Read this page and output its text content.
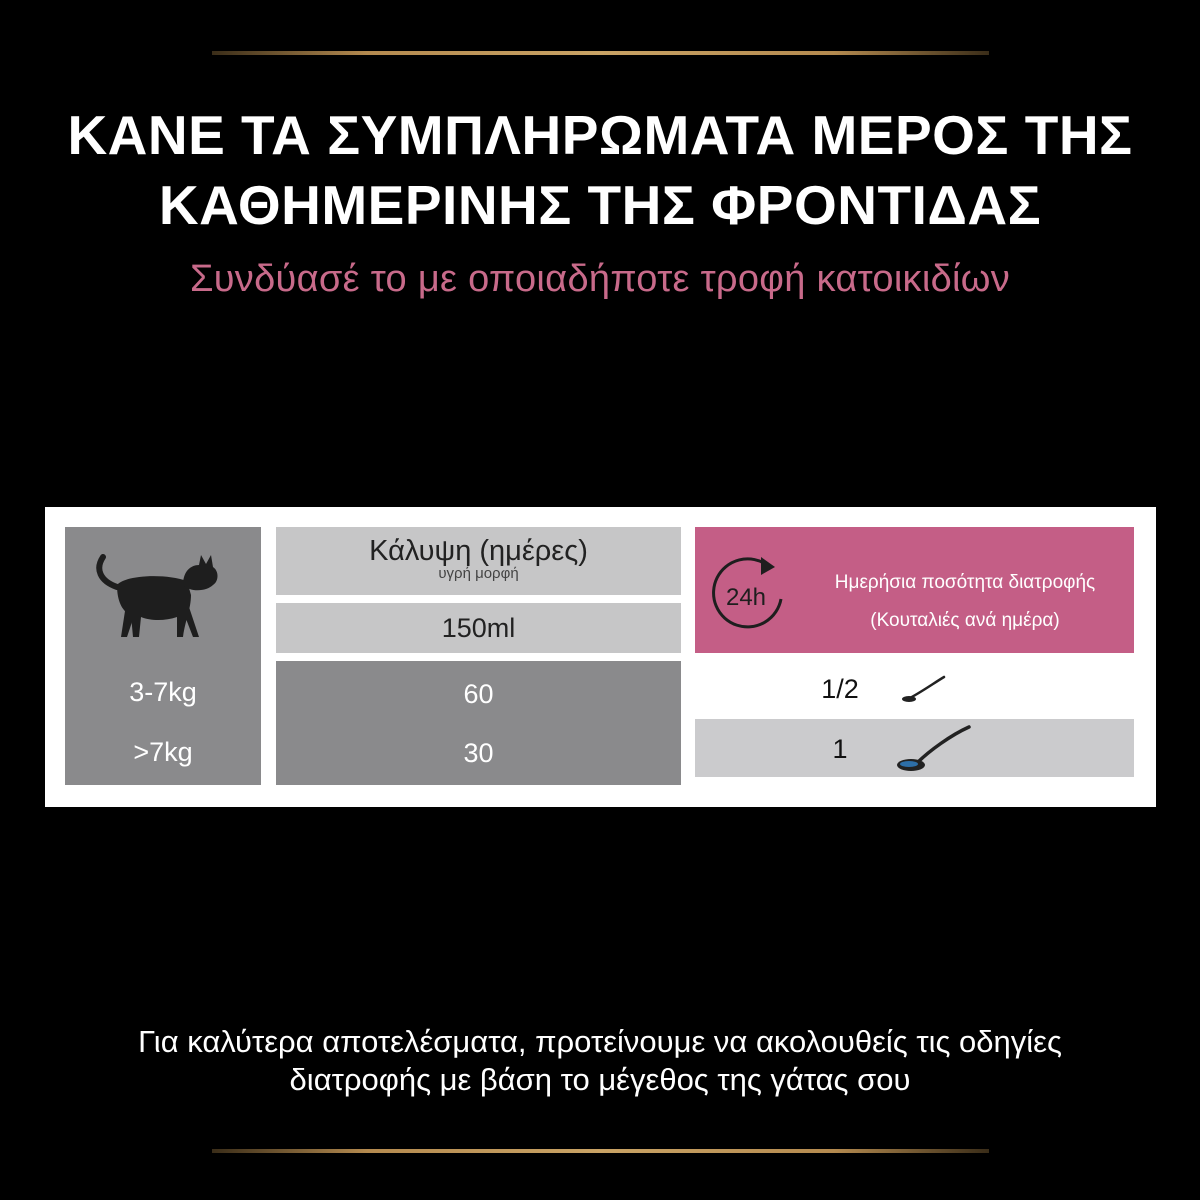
ΚΑΝΕ ΤΑ ΣΥΜΠΛΗΡΩΜΑΤΑ ΜΕΡΟΣ ΤΗΣ
ΚΑΘΗΜΕΡΙΝΗΣ ΤΗΣ ΦΡΟΝΤΙΔΑΣ
Συνδύασέ το με οποιαδήποτε τροφή κατοικιδίων
3-7kg
>7kg
Κάλυψη (ημέρες)
υγρή μορφή
150ml
60
30
24h
Ημερήσια ποσότητα διατροφής
(Κουταλιές ανά ημέρα)
1/2
1
Για καλύτερα αποτελέσματα, προτείνουμε να ακολουθείς τις οδηγίες
διατροφής με βάση το μέγεθος της γάτας σου
